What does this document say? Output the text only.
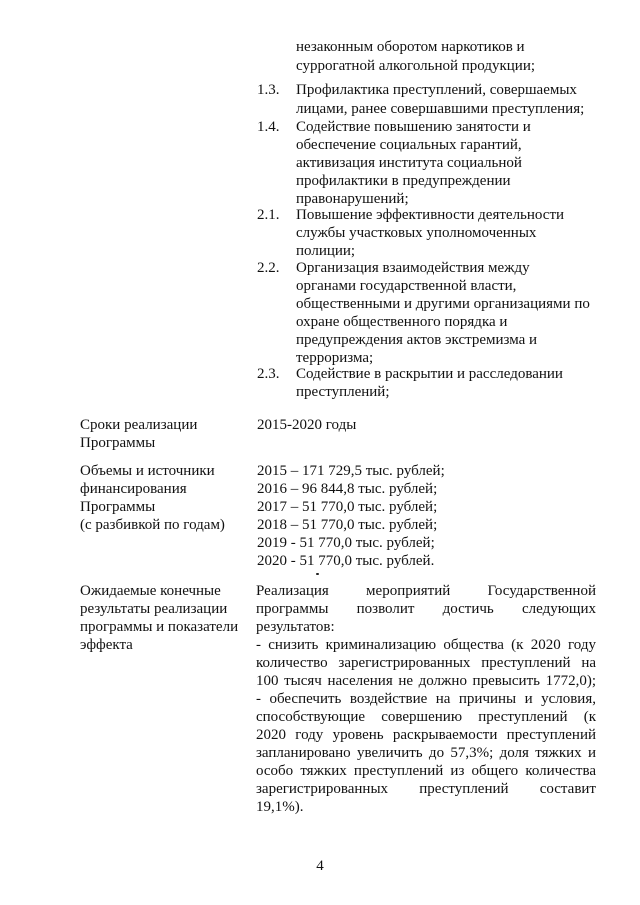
незаконным оборотом наркотиков и
суррогатной алкогольной продукции;
1.3. Профилактика преступлений, совершаемых
лицами, ранее совершавшими преступления;
1.4. Содействие повышению занятости и
обеспечение социальных гарантий,
активизация института социальной
профилактики в предупреждении
правонарушений;
2.1. Повышение эффективности деятельности
службы участковых уполномоченных
полиции;
2.2. Организация взаимодействия между
органами государственной власти,
общественными и другими организациями по
охране общественного порядка и
предупреждения актов экстремизма и
терроризма;
2.3. Содействие в раскрытии и расследовании
преступлений;
Сроки реализации
Программы
2015-2020 годы
Объемы и источники
финансирования
Программы
(с разбивкой по годам)
2015 – 171 729,5 тыс. рублей;
2016 – 96 844,8 тыс. рублей;
2017 – 51 770,0 тыс. рублей;
2018 – 51 770,0 тыс. рублей;
2019 - 51 770,0 тыс. рублей;
2020 - 51 770,0 тыс. рублей.
Ожидаемые конечные
результаты реализации
программы и показатели
эффекта
Реализация мероприятий Государственной
программы позволит достичь следующих
результатов:
- снизить криминализацию общества (к 2020 году
количество зарегистрированных преступлений на
100 тысяч населения не должно превысить 1772,0);
- обеспечить воздействие на причины и условия,
способствующие совершению преступлений (к
2020 году уровень раскрываемости преступлений
запланировано увеличить до 57,3%; доля тяжких и
особо тяжких преступлений из общего количества
зарегистрированных преступлений составит
19,1%).
4
